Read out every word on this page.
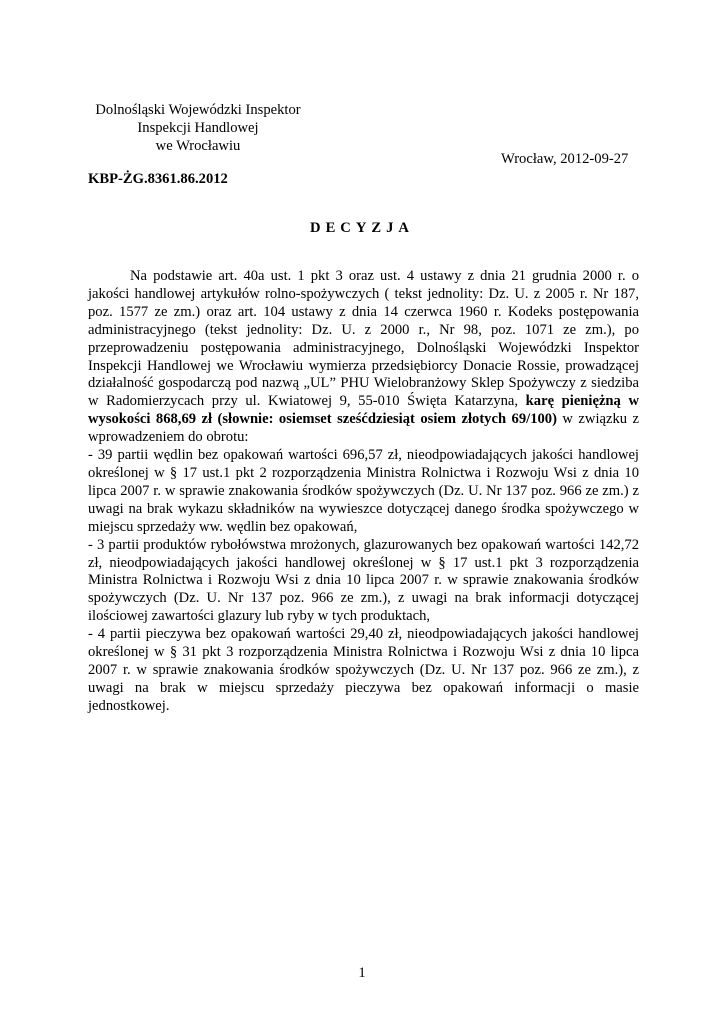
Dolnośląski Wojewódzki Inspektor
Inspekcji Handlowej
we Wrocławiu
Wrocław, 2012-09-27
KBP-ŻG.8361.86.2012
DECYZJA

Na podstawie art. 40a ust. 1 pkt 3 oraz ust. 4 ustawy z dnia 21 grudnia 2000 r. o jakości handlowej artykułów rolno-spożywczych ( tekst jednolity: Dz. U. z 2005 r. Nr 187, poz. 1577 ze zm.) oraz art. 104 ustawy z dnia 14 czerwca 1960 r. Kodeks postępowania administracyjnego (tekst jednolity: Dz. U. z 2000 r., Nr 98, poz. 1071 ze zm.), po przeprowadzeniu postępowania administracyjnego, Dolnośląski Wojewódzki Inspektor Inspekcji Handlowej we Wrocławiu wymierza przedsiębiorcy Donacie Rossie, prowadzącej działalność gospodarczą pod nazwą „UL” PHU Wielobranżowy Sklep Spożywczy z siedziba w Radomierzycach przy ul. Kwiatowej 9, 55-010 Święta Katarzyna, karę pieniężną w wysokości 868,69 zł (słownie: osiemset sześćdziesiąt osiem złotych 69/100) w związku z wprowadzeniem do obrotu:

- 39 partii wędlin bez opakowań wartości 696,57 zł, nieodpowiadających jakości handlowej określonej w § 17 ust.1 pkt 2 rozporządzenia Ministra Rolnictwa i Rozwoju Wsi z dnia 10 lipca 2007 r. w sprawie znakowania środków spożywczych (Dz. U. Nr 137 poz. 966 ze zm.) z uwagi na brak wykazu składników na wywieszce dotyczącej danego środka spożywczego w miejscu sprzedaży ww. wędlin bez opakowań,

- 3 partii produktów rybołówstwa mrożonych, glazurowanych bez opakowań wartości 142,72 zł, nieodpowiadających jakości handlowej określonej w § 17 ust.1 pkt 3 rozporządzenia Ministra Rolnictwa i Rozwoju Wsi z dnia 10 lipca 2007 r. w sprawie znakowania środków spożywczych (Dz. U. Nr 137 poz. 966 ze zm.), z uwagi na brak informacji dotyczącej ilościowej zawartości glazury lub ryby w tych produktach,

- 4 partii pieczywa bez opakowań wartości 29,40 zł, nieodpowiadających jakości handlowej określonej w § 31 pkt 3 rozporządzenia Ministra Rolnictwa i Rozwoju Wsi z dnia 10 lipca 2007 r. w sprawie znakowania środków spożywczych (Dz. U. Nr 137 poz. 966 ze zm.), z uwagi na brak w miejscu sprzedaży pieczywa bez opakowań informacji o masie jednostkowej.

1
